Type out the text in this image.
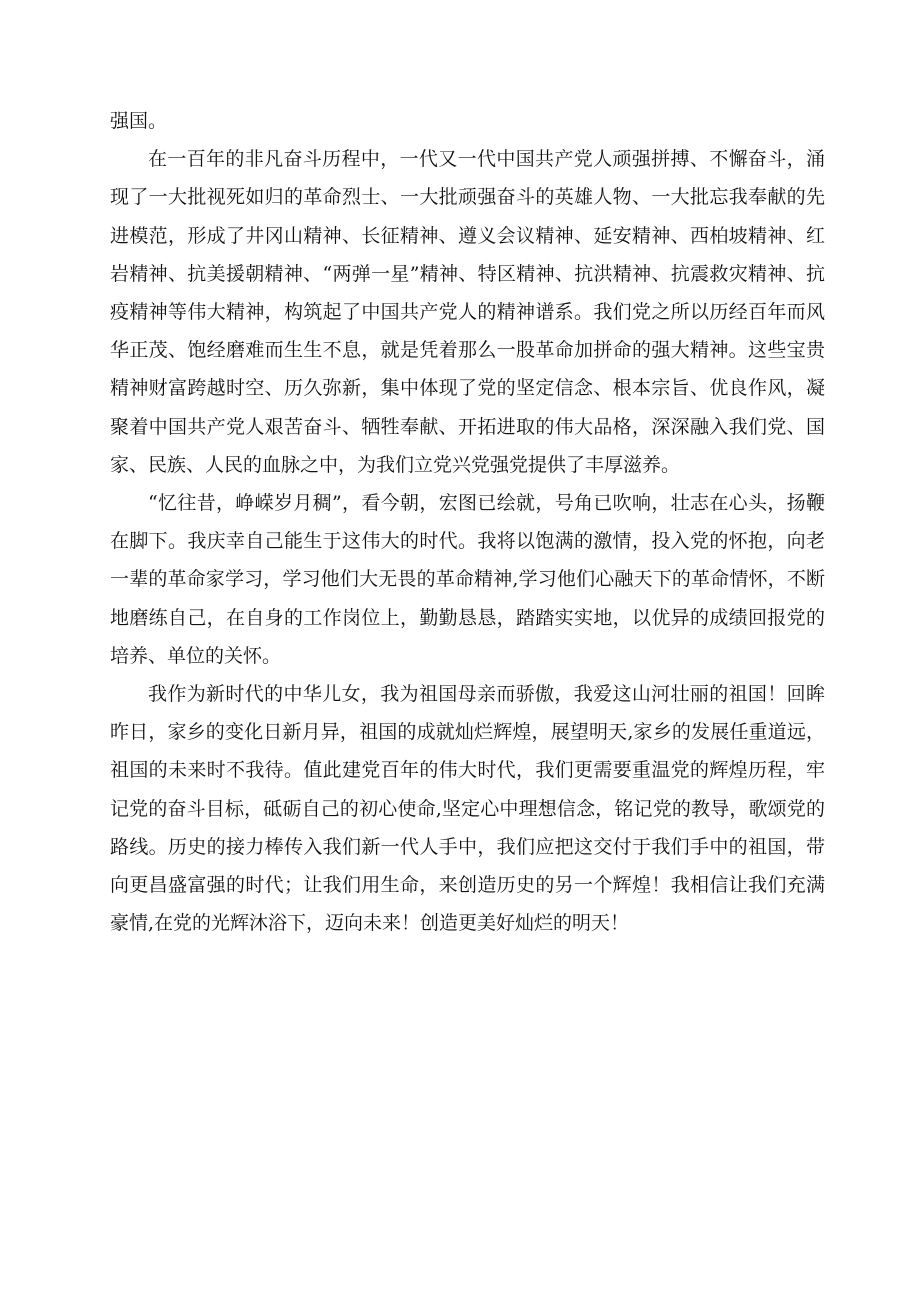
强国。

在一百年的非凡奋斗历程中，一代又一代中国共产党人顽强拼搏、不懈奋斗，涌现了一大批视死如归的革命烈士、一大批顽强奋斗的英雄人物、一大批忘我奉献的先进模范，形成了井冈山精神、长征精神、遵义会议精神、延安精神、西柏坡精神、红岩精神、抗美援朝精神、“两弹一星”精神、特区精神、抗洪精神、抗震救灾精神、抗疫精神等伟大精神，构筑起了中国共产党人的精神谱系。我们党之所以历经百年而风华正茂、饱经磨难而生生不息，就是凭着那么一股革命加拼命的强大精神。这些宝贵精神财富跨越时空、历久弥新，集中体现了党的坚定信念、根本宗旨、优良作风，凝聚着中国共产党人艰苦奋斗、牺牲奉献、开拓进取的伟大品格，深深融入我们党、国家、民族、人民的血脉之中，为我们立党兴党强党提供了丰厚滋养。

“忆往昔，峥嵘岁月稠”，看今朝，宏图已绘就，号角已吹响，壮志在心头，扬鞭在脚下。我庆幸自己能生于这伟大的时代。我将以饱满的激情，投入党的怀抱，向老一辈的革命家学习，学习他们大无畏的革命精神,学习他们心融天下的革命情怀，不断地磨练自己，在自身的工作岗位上，勤勤恳恳，踏踏实实地，以优异的成绩回报党的培养、单位的关怀。

我作为新时代的中华儿女，我为祖国母亲而骄傲，我爱这山河壮丽的祖国！回眸昨日，家乡的变化日新月异，祖国的成就灿烂辉煌，展望明天,家乡的发展任重道远，祖国的未来时不我待。值此建党百年的伟大时代，我们更需要重温党的辉煌历程，牢记党的奋斗目标，砥砺自己的初心使命,坚定心中理想信念，铭记党的教导，歌颂党的路线。历史的接力棒传入我们新一代人手中，我们应把这交付于我们手中的祖国，带向更昌盛富强的时代；让我们用生命，来创造历史的另一个辉煌！我相信让我们充满豪情,在党的光辉沐浴下，迈向未来！创造更美好灿烂的明天！
